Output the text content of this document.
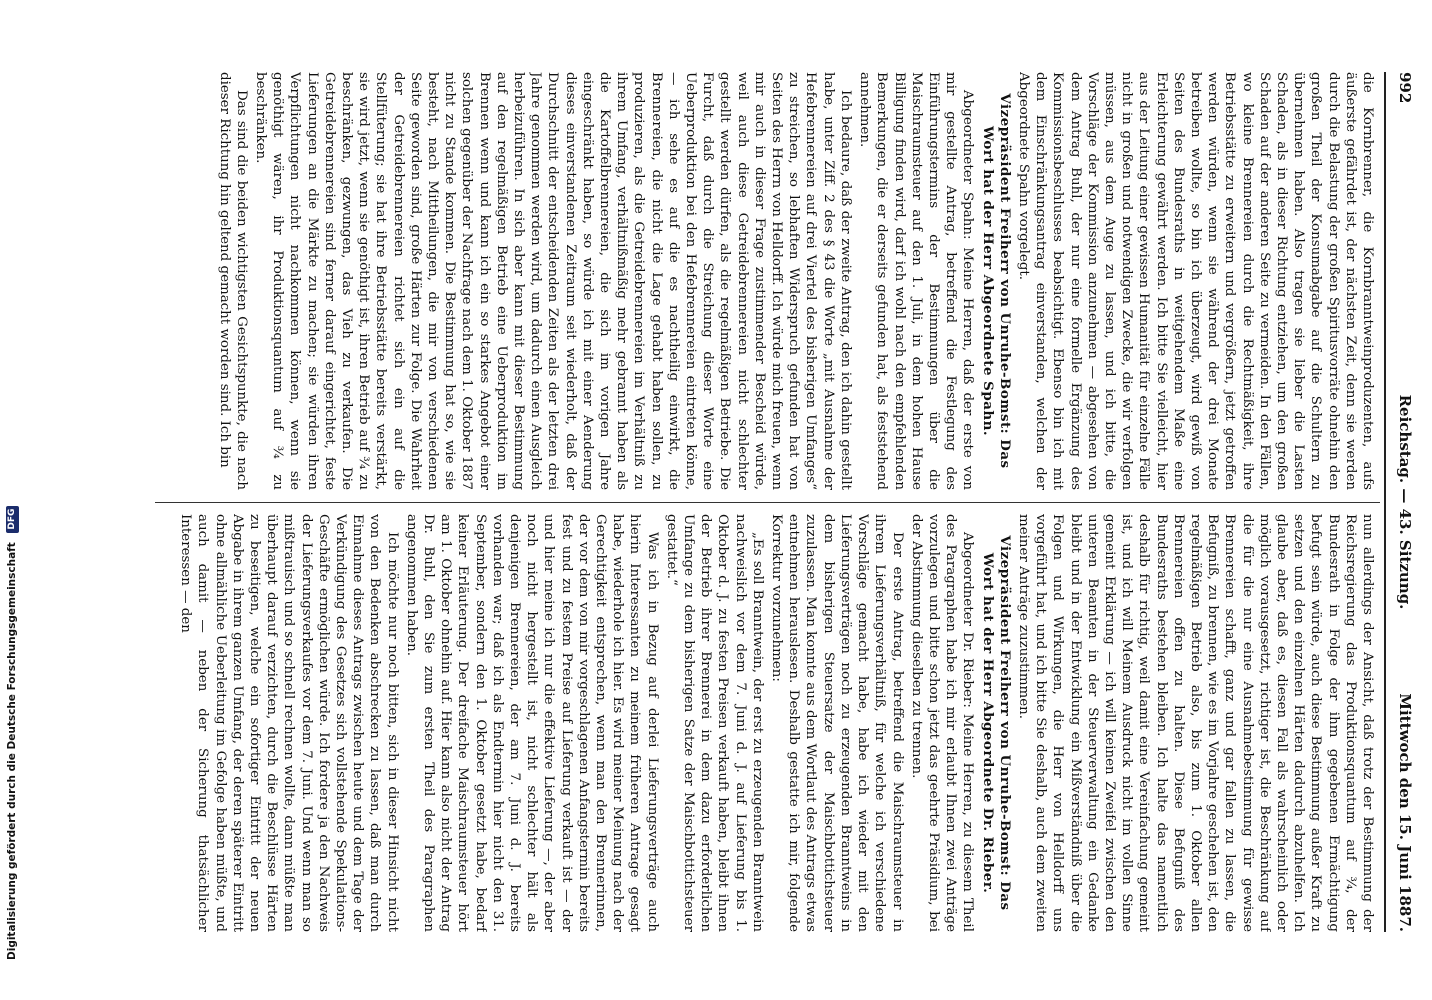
992
Reichstag. — 43. Sitzung.
Mittwoch den 15. Juni 1887.

die Kornbrenner, die Kornbranntweinproduzenten, aufs äußerste gefährdet ist, der nächsten Zeit, denn sie werden durch die Belastung der großen Spiritusvorräte ohnehin den großen Theil der Konsumabgabe auf die Schultern zu übernehmen haben. Also tragen sie lieber die Lasten Schaden, als in dieser Richtung entziehen, um den großen Schaden auf der anderen Seite zu vermeiden. In den Fällen, wo kleine Brennereien durch die Rechtmäßigkeit, ihre Betriebsstätte zu erweitern und vergrößern, jetzt getroffen werden würden, wenn sie während der drei Monate betreiben wollte, so bin ich überzeugt, wird gewiß von Seiten des Bundesraths in weitgehendem Maße eine Erleichterung gewährt werden. Ich bitte Sie vielleicht, hier aus der Leitung einer gewissen Humanität für einzelne Fälle nicht in großen und notwendigen Zwecke, die wir verfolgen müssen, aus dem Auge zu lassen, und ich bitte, die Vorschläge der Kommission anzunehmen — abgesehen von dem Antrag Buhl, der nur eine formelle Ergänzung des Kommissionsbeschlusses beabsichtigt. Ebenso bin ich mit dem Einschränkungsantrag einverstanden, welchen der Abgeordnete Spahn vorgelegt.

Vizepräsident Freiherr von Unruhe-Bomst: Das Wort hat der Herr Abgeordnete Spahn.

Abgeordneter Spahn: Meine Herren, daß der erste von mir gestellte Antrag, betreffend die Festlegung des Einführungstermins der Bestimmungen über die Maischraumsteuer auf den 1. Juli, in dem hohen Hause Billigung finden wird, darf ich wohl nach den empfehlenden Bemerkungen, die er derseits gefunden hat, als feststehend annehmen.

Ich bedaure, daß der zweite Antrag, den ich dahin gestellt habe, unter Ziff. 2 des § 43 die Worte „mit Ausnahme der Hefebrennereien auf drei Viertel des bisherigen Umfanges“ zu streichen, so lebhaften Widerspruch gefunden hat von Seiten des Herrn von Helldorff. Ich würde mich freuen, wenn mir auch in dieser Frage zustimmender Bescheid würde, weil auch diese Getreidebrennereien nicht schlechter gestellt werden dürfen, als die regelmäßigen Betriebe. Die Furcht, daß durch die Streichung dieser Worte eine Ueberproduktion bei den Hefebrennereien eintreten könne, — ich sehe es auf die es nachtheilig einwirkt, die Brennereien, die nicht die Lage gehabt haben sollen, zu produzieren, als die Getreidebrennereien im Verhältniß zu ihrem Umfang, verhältnißmäßig mehr gebrannt haben als die Kartoffelbrennereien, die sich im vorigen Jahre eingeschränkt haben, so würde ich mit einer Aenderung dieses einverstandenen Zeitraum seit wiederholt, daß der Durchschnitt der entscheidenden Zeiten als der letzten drei Jahre genommen werden wird, um dadurch einen Ausgleich herbeizuführen. In sich aber kann mit dieser Bestimmung auf den regelmäßigen Betrieb eine Ueberproduktion im Brennen wenn und kann ich ein so starkes Angebot einer solchen gegenüber der Nachfrage nach dem 1. Oktober 1887 nicht zu Stande kommen. Die Bestimmung hat so, wie sie besteht, nach Mittheilungen, die mir von verschiedenen Seite geworden sind, große Härten zur Folge. Die Wahrheit der Getreidebrennereien richtet sich ein auf die Stellfüterung; sie hat ihre Betriebsstätte bereits verstärkt, sie wird jetzt, wenn sie genöthigt ist, ihren Betrieb auf ¾ zu beschränken, gezwungen, das Vieh zu verkaufen. Die Getreidebrennereien sind ferner darauf eingerichtet, feste Lieferungen an die Märkte zu machen; sie würden ihren Verpflichtungen nicht nachkommen können, wenn sie genöthigt wären, ihr Produktionsquantum auf ¾ zu beschränken.

Das sind die beiden wichtigsten Gesichtspunkte, die nach dieser Richtung hin geltend gemacht worden sind. Ich bin

nun allerdings der Ansicht, daß trotz der Bestimmung der Reichsregierung das Produktionsquantum auf ¾, der Bundesrath in Folge der ihm gegebenen Ermächtigung befugt sein würde, auch diese Bestimmung außer Kraft zu setzen und den einzelnen Härten dadurch abzuhelfen. Ich glaube aber, daß es, diesen Fall als wahrscheinlich oder möglich vorausgesetzt, richtiger ist, die Beschränkung auf die für die nur eine Ausnahmebestimmung für gewisse Brennereien schafft, ganz und gar fallen zu lassen, die Befugniß, zu brennen, wie es im Vorjahre geschehen ist, den regelmäßigen Betrieb also, bis zum 1. Oktober allen Brennereien offen zu halten. Diese Befugniß des Bundesraths bestehen bleiben. Ich halte das namentlich deshalb für richtig, weil damit eine Vereinfachung gemeint ist, und ich will Meinem Ausdruck nicht im vollen Sinne gemeint Erklärung — ich will keinen Zweifel zwischen den unteren Beamten in der Steuerverwaltung ein Gedanke bleibt und in der Entwicklung ein Mißverständniß über die Folgen und Wirkungen, die Herr von Helldorff uns vorgeführt hat, und ich bitte Sie deshalb, auch dem zweiten meiner Anträge zuzustimmen.

Vizepräsident Freiherr von Unruhe-Bomst: Das Wort hat der Herr Abgeordnete Dr. Rieber.

Abgeordneter Dr. Rieber: Meine Herren, zu diesem Theil des Paragraphen habe ich mir erlaubt Ihnen zwei Anträge vorzulegen und bitte schon jetzt das geehrte Präsidium, bei der Abstimmung dieselben zu trennen.

Der erste Antrag, betreffend die Maischraumsteuer in ihrem Lieferungsverhältniß, für welche ich verschiedene Vorschläge gemacht habe, habe ich wieder mit den Lieferungsverträgen noch zu erzeugenden Branntweins in dem bisherigen Steuersatze der Maischbottichsteuer zuzulassen. Man konnte aus dem Wortlaut des Antrags etwas entnehmen herauslesen. Deshalb gestatte ich mir, folgende Korrektur vorzunehmen:

„Es soll Branntwein, der erst zu erzeugenden Branntwein nachweislich vor dem 7. Juni d. J. auf Lieferung bis 1. Oktober d. J. zu festen Preisen verkauft haben, bleibt ihnen der Betrieb ihrer Brennerei in dem dazu erforderlichen Umfange zu dem bisherigen Satze der Maischbottichsteuer gestattet.“

Was ich in Bezug auf derlei Lieferungsverträge auch hierin Interessanten zu meinem früheren Antrage gesagt habe, wiederhole ich hier. Es wird meiner Meinung nach der Gerechtigkeit entsprechen, wenn man den Brennerinnen, der vor dem von mir vorgeschlagenen Anfangstermin bereits fest und zu festem Preise auf Lieferung verkauft ist — der und hier meine ich nur die effektive Lieferung —, der aber noch nicht hergestellt ist, nicht schlechter hält als denjenigen Brennereien, der am 7. Juni d. J. bereits vorhanden war; daß ich als Endtermin hier nicht den 31. September, sondern den 1. Oktober gesetzt habe, bedarf keiner Erläuterung. Der dreifache Maischraumsteuer hört am 1. Oktober ohnehin auf. Hier kann also nicht der Antrag Dr. Buhl, den Sie zum ersten Theil des Paragraphen angenommen haben.

Ich möchte nur noch bitten, sich in dieser Hinsicht nicht von den Bedenken abschrecken zu lassen, daß man durch Einnahme dieses Antrags zwischen heute und dem Tage der Verkündigung des Gesetzes sich vollstehende Spekulations-Geschäfte ermöglichen würde. Ich fordere ja den Nachweis der Lieferungsverkaufes vor dem 7. Juni. Und wenn man so mißtrauisch und so schnell rechnen wollte, dann müßte man überhaupt darauf verzichten, durch die Beschlüsse Härten zu beseitigen, welche ein sofortiger Eintritt der neuen Abgabe in ihrem ganzen Umfang, der deren späterer Eintritt ohne allmähliche Ueberleitung im Gefolge haben müßte, und auch damit — neben der Sicherung thatsächlicher Interessen — den

Digitalisierung gefördert durch die Deutsche Forschungsgemeinschaft DFG
